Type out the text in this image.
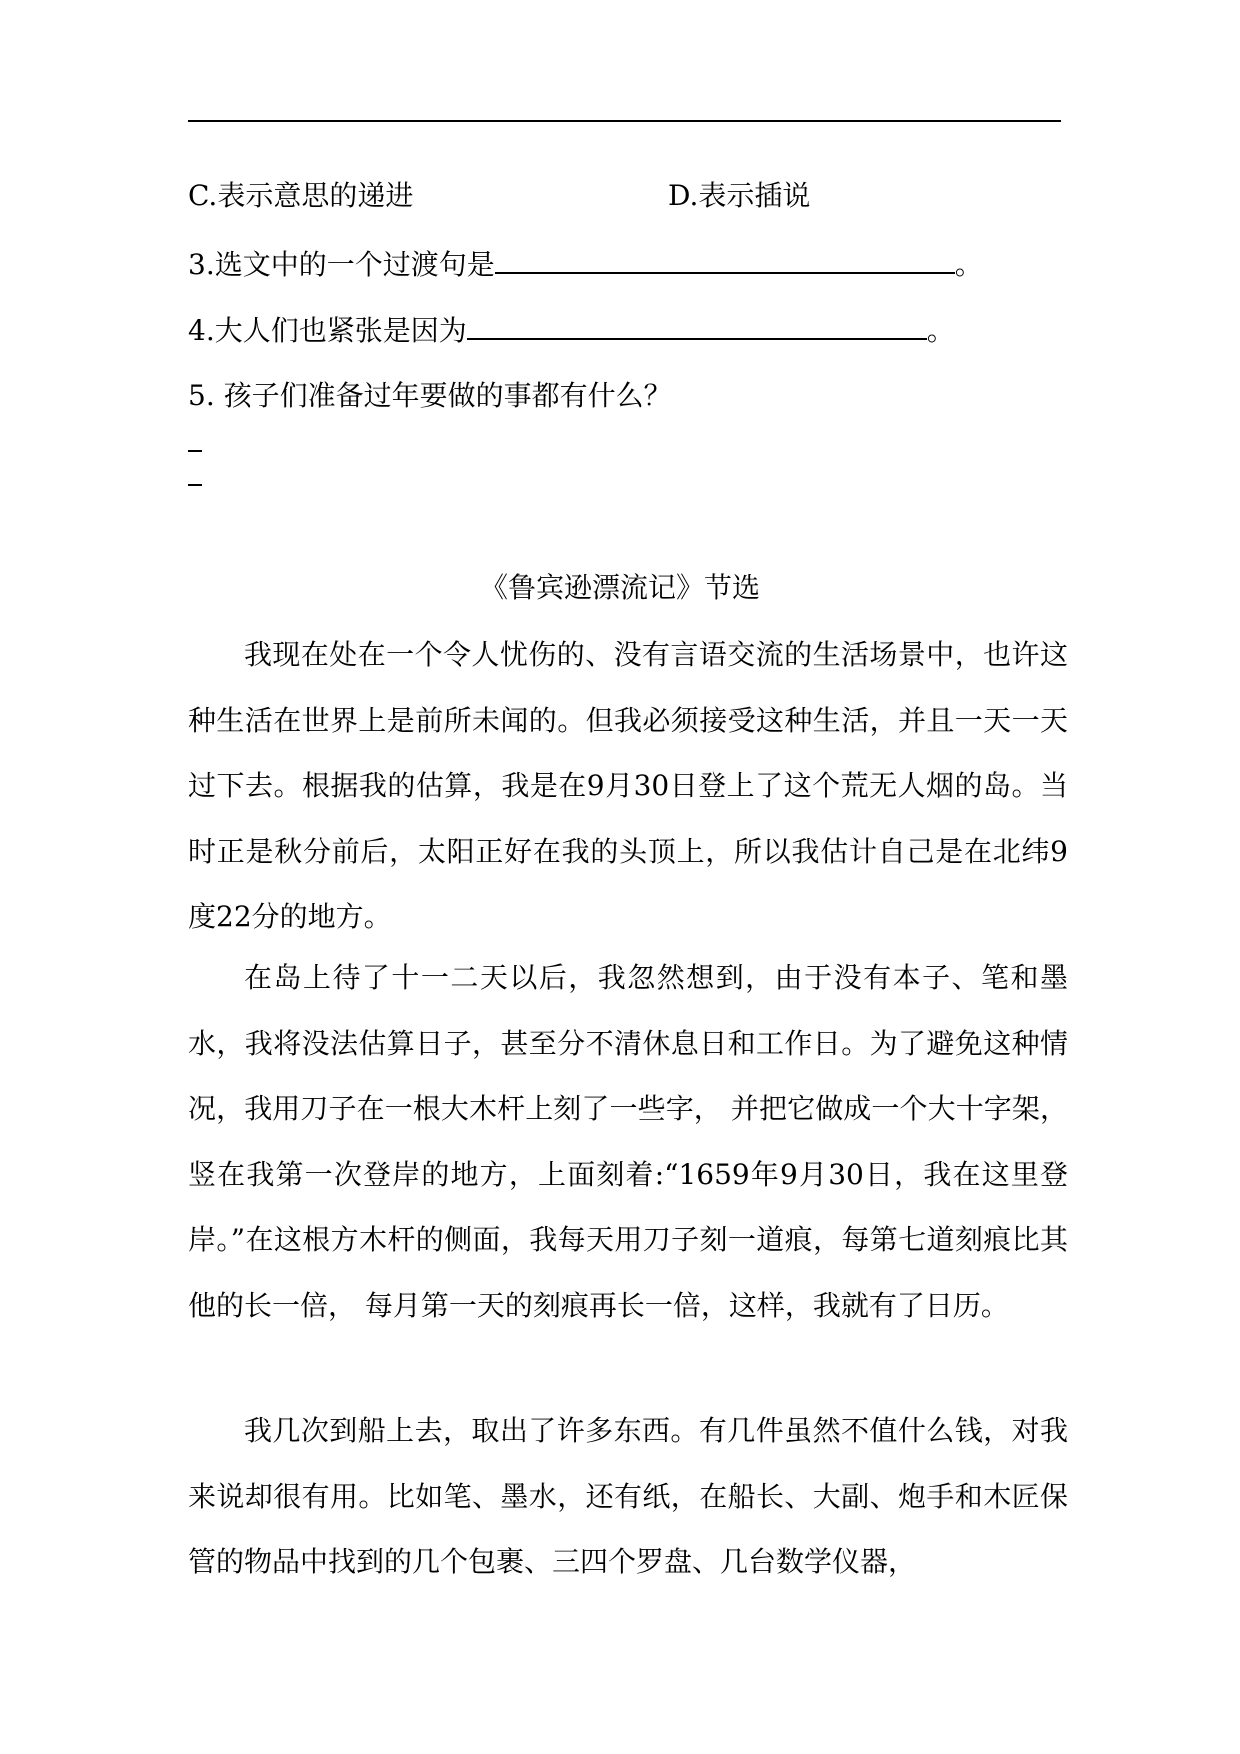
C.表示意思的递进	D.表示插说
3.选文中的一个过渡句是	。
4.大人们也紧张是因为	。
5. 孩子们准备过年要做的事都有什么？
《鲁宾逊漂流记》节选
我现在处在一个令人忧伤的、没有言语交流的生活场景中，也许这种生活在世界上是前所未闻的。但我必须接受这种生活，并且一天一天过下去。根据我的估算，我是在9月30日登上了这个荒无人烟的岛。当时正是秋分前后，太阳正好在我的头顶上，所以我估计自己是在北纬9度22分的地方。
在岛上待了十一二天以后，我忽然想到，由于没有本子、笔和墨水，我将没法估算日子，甚至分不清休息日和工作日。为了避免这种情况，我用刀子在一根大木杆上刻了一些字， 并把它做成一个大十字架，竖在我第一次登岸的地方，上面刻着:“1659年9月30日，我在这里登岸。”在这根方木杆的侧面，我每天用刀子刻一道痕，每第七道刻痕比其他的长一倍， 每月第一天的刻痕再长一倍，这样，我就有了日历。
我几次到船上去，取出了许多东西。有几件虽然不值什么钱，对我来说却很有用。比如笔、墨水，还有纸，在船长、大副、炮手和木匠保管的物品中找到的几个包裹、三四个罗盘、几台数学仪器，
